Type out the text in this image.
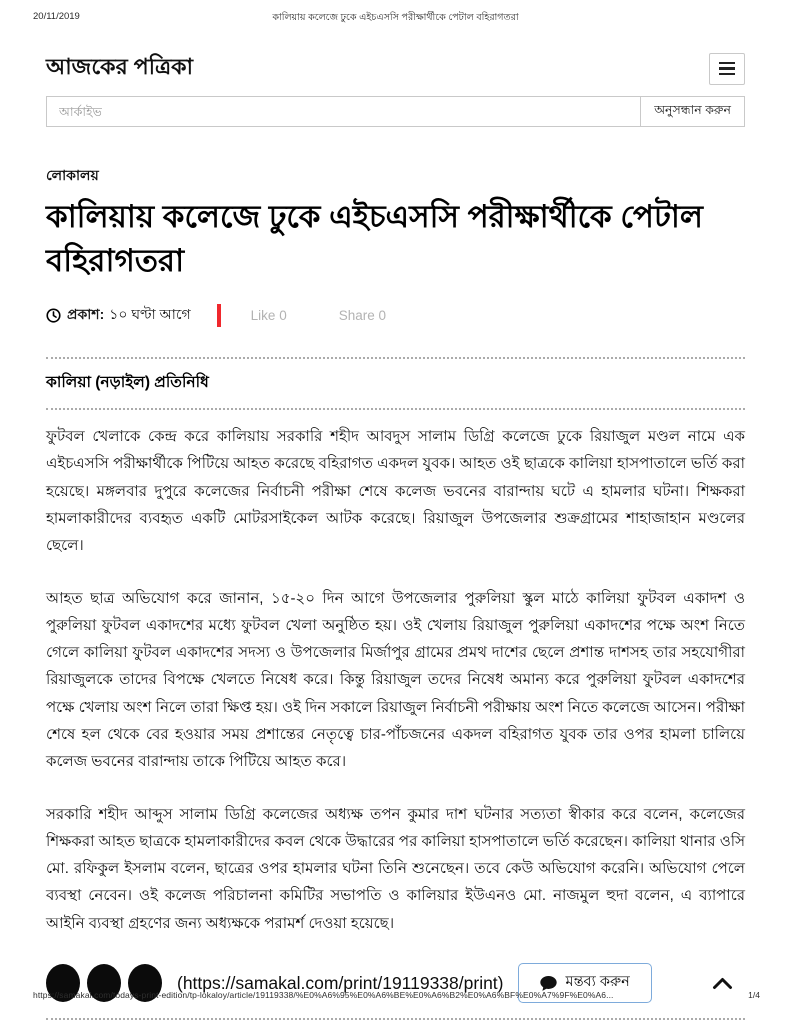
20/11/2019	কালিয়ায় কলেজে ঢুকে এইচএসসি পরীক্ষার্থীকে পেটাল বহিরাগতরা
আজকের পত্রিকা
আর্কাইভ
অনুসন্ধান করুন
লোকালয়
কালিয়ায় কলেজে ঢুকে এইচএসসি পরীক্ষার্থীকে পেটাল বহিরাগতরা
প্রকাশ: ১০ ঘণ্টা আগে	Like 0	Share 0
কালিয়া (নড়াইল) প্রতিনিধি

ফুটবল খেলাকে কেন্দ্র করে কালিয়ায় সরকারি শহীদ আবদুস সালাম ডিগ্রি কলেজে ঢুকে রিয়াজুল মণ্ডল নামে এক এইচএসসি পরীক্ষার্থীকে পিটিয়ে আহত করেছে বহিরাগত একদল যুবক। আহত ওই ছাত্রকে কালিয়া হাসপাতালে ভর্তি করা হয়েছে। মঙ্গলবার দুপুরে কলেজের নির্বাচনী পরীক্ষা শেষে কলেজ ভবনের বারান্দায় ঘটে এ হামলার ঘটনা। শিক্ষকরা হামলাকারীদের ব্যবহৃত একটি মোটরসাইকেল আটক করেছে। রিয়াজুল উপজেলার শুক্রগ্রামের শাহাজাহান মণ্ডলের ছেলে।

আহত ছাত্র অভিযোগ করে জানান, ১৫-২০ দিন আগে উপজেলার পুরুলিয়া স্কুল মাঠে কালিয়া ফুটবল একাদশ ও পুরুলিয়া ফুটবল একাদশের মধ্যে ফুটবল খেলা অনুষ্ঠিত হয়। ওই খেলায় রিয়াজুল পুরুলিয়া একাদশের পক্ষে অংশ নিতে গেলে কালিয়া ফুটবল একাদশের সদস্য ও উপজেলার মির্জাপুর গ্রামের প্রমথ দাশের ছেলে প্রশান্ত দাশসহ তার সহযোগীরা রিয়াজুলকে তাদের বিপক্ষে খেলতে নিষেধ করে। কিন্তু রিয়াজুল তদের নিষেধ অমান্য করে পুরুলিয়া ফুটবল একাদশের পক্ষে খেলায় অংশ নিলে তারা ক্ষিপ্ত হয়। ওই দিন সকালে রিয়াজুল নির্বাচনী পরীক্ষায় অংশ নিতে কলেজে আসেন। পরীক্ষা শেষে হল থেকে বের হওয়ার সময় প্রশান্তের নেতৃত্বে চার-পাঁচজনের একদল বহিরাগত যুবক তার ওপর হামলা চালিয়ে কলেজ ভবনের বারান্দায় তাকে পিটিয়ে আহত করে।

সরকারি শহীদ আব্দুস সালাম ডিগ্রি কলেজের অধ্যক্ষ তপন কুমার দাশ ঘটনার সত্যতা স্বীকার করে বলেন, কলেজের শিক্ষকরা আহত ছাত্রকে হামলাকারীদের কবল থেকে উদ্ধারের পর কালিয়া হাসপাতালে ভর্তি করেছেন। কালিয়া থানার ওসি মো. রফিকুল ইসলাম বলেন, ছাত্রের ওপর হামলার ঘটনা তিনি শুনেছেন। তবে কেউ অভিযোগ করেনি। অভিযোগ পেলে ব্যবস্থা নেবেন। ওই কলেজ পরিচালনা কমিটির সভাপতি ও কালিয়ার ইউএনও মো. নাজমুল হুদা বলেন, এ ব্যাপারে আইনি ব্যবস্থা গ্রহণের জন্য অধ্যক্ষকে পরামর্শ দেওয়া হয়েছে।

(https://samakal.com/print/19119338/print)	মন্তব্য করুন
https://samakal.com/todays-print-edition/tp-lokaloy/article/19119338/%E0%A6%95%E0%A6%BE%E0%A6%B2%E0%A6%BF%E0%A7%9F%E0%A6...	1/4
